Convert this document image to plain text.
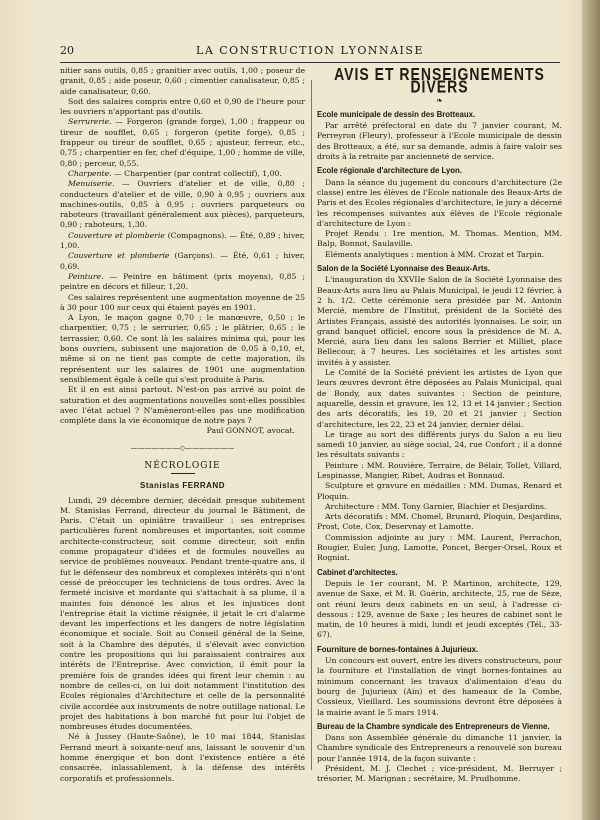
20	LA CONSTRUCTION LYONNAISE

nitier sans outils, 0,85 ; granitier avec outils, 1,00 ; poseur de granit, 0,85 ; aide poseur, 0,60 ; cimentier canalisateur, 0,85 ; aide canalisateur, 0,60.

Soit des salaires compris entre 0,60 et 0,90 de l'heure pour les ouvriers n'apportant pas d'outils.

Serrurerie. — Forgeron (grande forge), 1,00 ; frappeur ou tireur de soufflet, 0,65 ; forgeron (petite forge), 0,85 ; frappeur ou tireur de soufflet, 0,65 ; ajusteur, ferreur, etc., 0,75 ; charpentier en fer, chef d'équipe, 1,00 ; homme de ville, 0,80 ; perceur, 0,55.

Charpente. — Charpentier (par contrat collectif), 1,00.

Menuiserie. — Ouvriers d'atelier et de ville, 0,80 ; conducteurs d'atelier et de ville, 0,90 à 0,95 ; ouvriers aux machines-outils, 0,85 à 0,95 ; ouvriers parqueteurs ou raboteurs (travaillant généralement aux pièces), parqueteurs, 0,90 ; raboteurs, 1,30.

Couverture et plomberie (Compagnons). — Été, 0,89 ; hiver, 1,00.

Couverture et plomberie (Garçons). — Été, 0,61 ; hiver, 0,69.

Peinture. — Peintre en bâtiment (prix moyens), 0,85 ; peintre en décors et filleur, 1,20.

Ces salaires représentent une augmentation moyenne de 25 à 30 pour 100 sur ceux qui étaient payés en 1901.

A Lyon, le maçon gagne 0,70 ; le manœuvre, 0,50 ; le charpentier, 0,75 ; le serrurier, 0,65 ; le plâtrier, 0,65 ; le terrassier, 0,60. Ce sont là les salaires minima qui, pour les bons ouvriers, subissent une majoration de 0,05 à 0,10, et, même si on ne tient pas compte de cette majoration, ils représentent sur les salaires de 1901 une augmentation sensiblement égale à celle qui s'est produite à Paris.

Et il en est ainsi partout. N'est-on pas arrivé au point de saturation et des augmentations nouvelles sont-elles possibles avec l'état actuel ? N'amèneront-elles pas une modification complète dans la vie économique de notre pays ?

Paul GONNOT, avocat.
———————◇———————
NÉCROLOGIE
Stanislas FERRAND

Lundi, 29 décembre dernier, décédait presque subitement M. Stanislas Ferrand, directeur du journal le Bâtiment, de Paris. C'était un opiniâtre travailleur : ses entreprises particulières furent nombreuses et importantes, soit comme architecte-constructeur, soit comme directeur, soit enfin comme propagateur d'idées et de formules nouvelles au service de problèmes nouveaux. Pendant trente-quatre ans, il fut le défenseur des nombreux et complexes intérêts qui n'ont cessé de préoccuper les techniciens de tous ordres. Avec la fermeté incisive et mordante qui s'attachait à sa plume, il a maintes fois dénoncé les abus et les injustices dont l'entreprise était la victime résignée, il jetait le cri d'alarme devant les imperfections et les dangers de notre législation économique et sociale. Soit au Conseil général de la Seine, soit à la Chambre des députés, il s'élevait avec conviction contre les propositions qui lui paraissaient contraires aux intérêts de l'Entreprise. Avec conviction, il émit pour la première fois de grandes idées qui firent leur chemin : au nombre de celles-ci, on lui doit notamment l'institution des Ecoles régionales d'Architecture et celle de la personnalité civile accordée aux instruments de notre outillage national. Le projet des habitations à bon marché fut pour lui l'objet de nombreuses études documentées.

Né à Jussey (Haute-Saône), le 10 mai 1844, Stanislas Ferrand meurt à soixante-neuf ans, laissant le souvenir d'un homme énergique et bon dont l'existence entière a été consacrée, inlassablement, à la défense des intérêts corporatifs et professionnels.

AVIS ET RENSEIGNEMENTS DIVERS
❧
Ecole municipale de dessin des Brotteaux.

Par arrêté préfectoral en date du 7 janvier courant, M. Perreyron (Fleury), professeur à l'Ecole municipale de dessin des Brotteaux, a été, sur sa demande, admis à faire valoir ses droits à la retraite par ancienneté de service.

Ecole régionale d'architecture de Lyon.

Dans la séance du jugement du concours d'architecture (2e classe) entre les élèves de l'Ecole nationale des Beaux-Arts de Paris et des Ecoles régionales d'architecture, le jury a décerné les récompenses suivantes aux élèves de l'Ecole régionale d'architecture de Lyon :

Projet Rendu : 1re mention, M. Thomas. Mention, MM. Balp, Bonnot, Saulaville.

Eléments analytiques : mention à MM. Crozat et Tarpin.

Salon de la Société Lyonnaise des Beaux-Arts.

L'inauguration du XXVIIe Salon de la Société Lyonnaise des Beaux-Arts aura lieu au Palais Municipal, le jeudi 12 février, à 2 h. 1/2. Cette cérémonie sera présidée par M. Antonin Mercié, membre de l'Institut, président de la Société des Artistes Français, assisté des autorités lyonnaises. Le soir, un grand banquet officiel, encore sous la présidence de M. A. Mercié, aura lieu dans les salons Berrier et Milliet, place Bellecour, à 7 heures. Les sociétaires et les artistes sont invités à y assister.

Le Comité de la Société prévient les artistes de Lyon que leurs œuvres devront être déposées au Palais Municipal, quai de Bondy, aux dates suivantes : Section de peinture, aquarelle, dessin et gravure, les 12, 13 et 14 janvier ; Section des arts décoratifs, les 19, 20 et 21 janvier ; Section d'architecture, les 22, 23 et 24 janvier, dernier délai.

Le tirage au sort des différents jurys du Salon a eu lieu samedi 10 janvier, au siège social, 24, rue Confort ; il a donné les résultats suivants :

Peinture : MM. Rouvière, Terraire, de Bélair, Tollet, Villard, Lespinasse, Mangier, Ribet, Audras et Bonnaud.

Sculpture et gravure en médailles : MM. Dumas, Renard et Ploquin.

Architecture : MM. Tony Garnier, Blachier et Desjardins.

Arts décoratifs : MM. Chomel, Brunard, Ploquin, Desjardins, Prost, Cote, Cox, Deservnay et Lamotte.

Commission adjointe au jury : MM. Laurent, Perrachon, Rougier, Euler, Jung, Lamotte, Poncet, Berger-Orsel, Roux et Rogniat.

Cabinet d'architectes.

Depuis le 1er courant, M. P. Martinon, architecte, 129, avenue de Saxe, et M. B. Guérin, architecte, 25, rue de Sèze, ont réuni leurs deux cabinets en un seul, à l'adresse ci-dessous : 129, avenue de Saxe ; les heures de cabinet sont le matin, de 10 heures à midi, lundi et jeudi exceptés (Tél., 33-67).

Fourniture de bornes-fontaines à Jujurieux.

Un concours est ouvert, entre les divers constructeurs, pour la fourniture et l'installation de vingt bornes-fontaines au minimum concernant les travaux d'alimentaion d'eau du bourg de Jujurieux (Ain) et des hameaux de la Combe, Cossieux, Vieillard. Les soumissions devront être déposées à la mairie avant le 5 mars 1914.

Bureau de la Chambre syndicale des Entrepreneurs de Vienne.

Dans son Assemblée générale du dimanche 11 janvier, la Chambre syndicale des Entrepreneurs a renouvelé son bureau pour l'année 1914, de la façon suivante :

Président, M. J. Clechet ; vice-président, M. Berruyer ; trésorier, M. Marignan ; secrétaire, M. Prudhomme.
